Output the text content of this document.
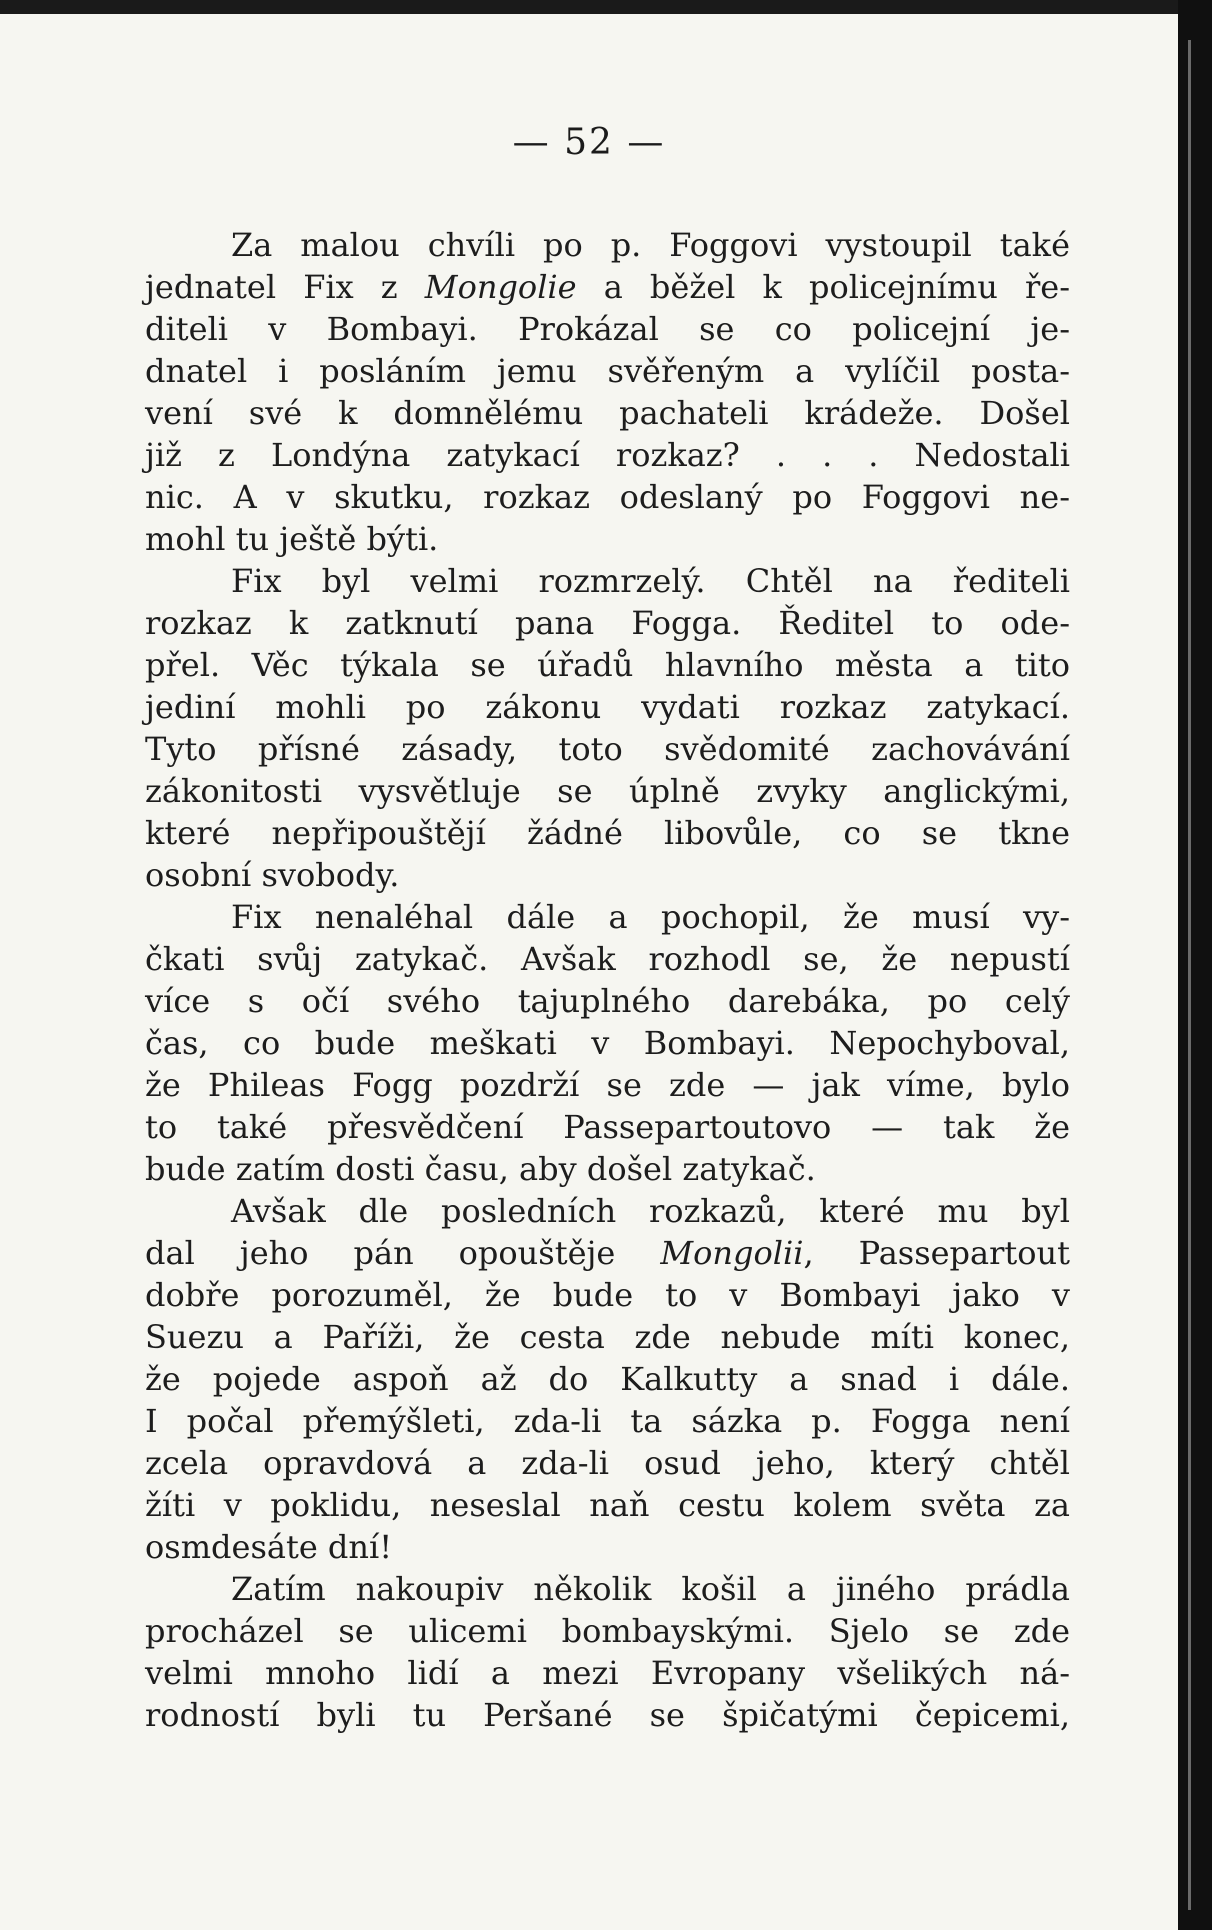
— 52 —
Za malou chvíli po p. Foggovi vystoupil také
jednatel Fix z Mongolie a běžel k policejnímu ře-
diteli v Bombayi. Prokázal se co policejní je-
dnatel i posláním jemu svěřeným a vylíčil posta-
vení své k domnělému pachateli krádeže. Došel
již z Londýna zatykací rozkaz? . . . Nedostali
nic. A v skutku, rozkaz odeslaný po Foggovi ne-
mohl tu ještě býti.
Fix byl velmi rozmrzelý. Chtěl na řediteli
rozkaz k zatknutí pana Fogga. Ředitel to ode-
přel. Věc týkala se úřadů hlavního města a tito
jediní mohli po zákonu vydati rozkaz zatykací.
Tyto přísné zásady, toto svědomité zachovávání
zákonitosti vysvětluje se úplně zvyky anglickými,
které nepřipouštějí žádné libovůle, co se tkne
osobní svobody.
Fix nenaléhal dále a pochopil, že musí vy-
čkati svůj zatykač. Avšak rozhodl se, že nepustí
více s očí svého tajuplného darebáka, po celý
čas, co bude meškati v Bombayi. Nepochyboval,
že Phileas Fogg pozdrží se zde — jak víme, bylo
to také přesvědčení Passepartoutovo — tak že
bude zatím dosti času, aby došel zatykač.
Avšak dle posledních rozkazů, které mu byl
dal jeho pán opouštěje Mongolii, Passepartout
dobře porozuměl, že bude to v Bombayi jako v
Suezu a Paříži, že cesta zde nebude míti konec,
že pojede aspoň až do Kalkutty a snad i dále.
I počal přemýšleti, zda-li ta sázka p. Fogga není
zcela opravdová a zda-li osud jeho, který chtěl
žíti v poklidu, neseslal naň cestu kolem světa za
osmdesáte dní!
Zatím nakoupiv několik košil a jiného prádla
procházel se ulicemi bombayskými. Sjelo se zde
velmi mnoho lidí a mezi Evropany všelikých ná-
rodností byli tu Peršané se špičatými čepicemi,
